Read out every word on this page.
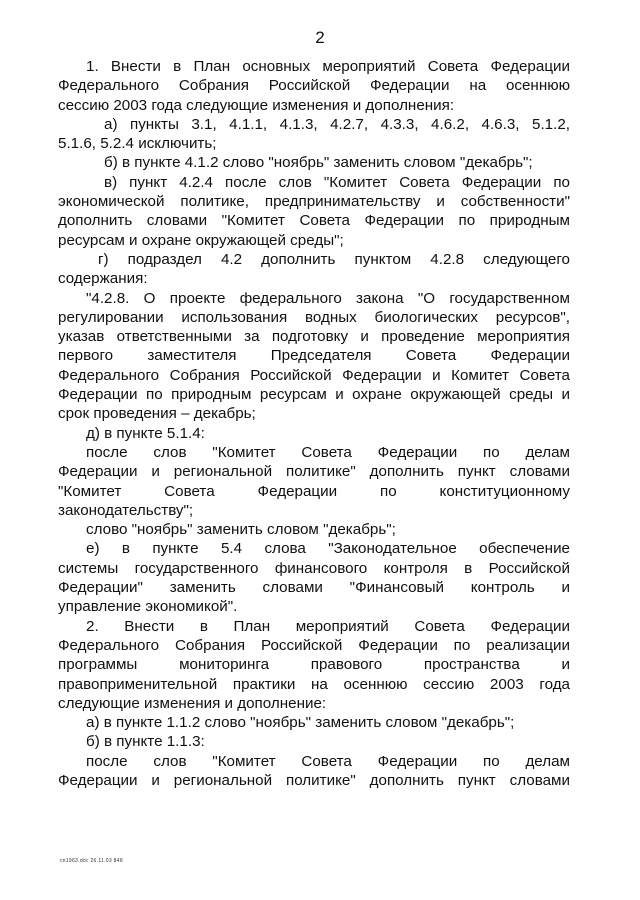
2
1. Внести в План основных мероприятий Совета Федерации
Федерального Собрания Российской Федерации на осеннюю
сессию 2003 года следующие изменения и дополнения:
а) пункты 3.1, 4.1.1, 4.1.3, 4.2.7, 4.3.3, 4.6.2, 4.6.3, 5.1.2,
5.1.6, 5.2.4 исключить;
б) в пункте 4.1.2 слово "ноябрь" заменить словом "декабрь";
в) пункт 4.2.4 после слов "Комитет Совета Федерации по
экономической политике, предпринимательству и собственности"
дополнить словами "Комитет Совета Федерации по природным
ресурсам и охране окружающей среды";
г) подраздел 4.2 дополнить пунктом 4.2.8 следующего
содержания:
"4.2.8. О проекте федерального закона "О государственном
регулировании использования водных биологических ресурсов",
указав ответственными за подготовку и проведение мероприятия
первого заместителя Председателя Совета Федерации
Федерального Собрания Российской Федерации и Комитет Совета
Федерации по природным ресурсам и охране окружающей среды и
срок проведения – декабрь;
д) в пункте 5.1.4:
после слов "Комитет Совета Федерации по делам
Федерации и региональной политике" дополнить пункт словами
"Комитет Совета Федерации по конституционному
законодательству";
слово "ноябрь" заменить словом "декабрь";
е) в пункте 5.4 слова "Законодательное обеспечение
системы государственного финансового контроля в Российской
Федерации" заменить словами "Финансовый контроль и
управление экономикой".
2. Внести в План мероприятий Совета Федерации
Федерального Собрания Российской Федерации по реализации
программы мониторинга правового пространства и
правоприменительной практики на осеннюю сессию 2003 года
следующие изменения и дополнение:
а) в пункте 1.1.2 слово "ноябрь" заменить словом "декабрь";
б) в пункте 1.1.3:
после слов "Комитет Совета Федерации по делам
Федерации и региональной политике" дополнить пункт словами
сп1963.doc 26.11.03 848
